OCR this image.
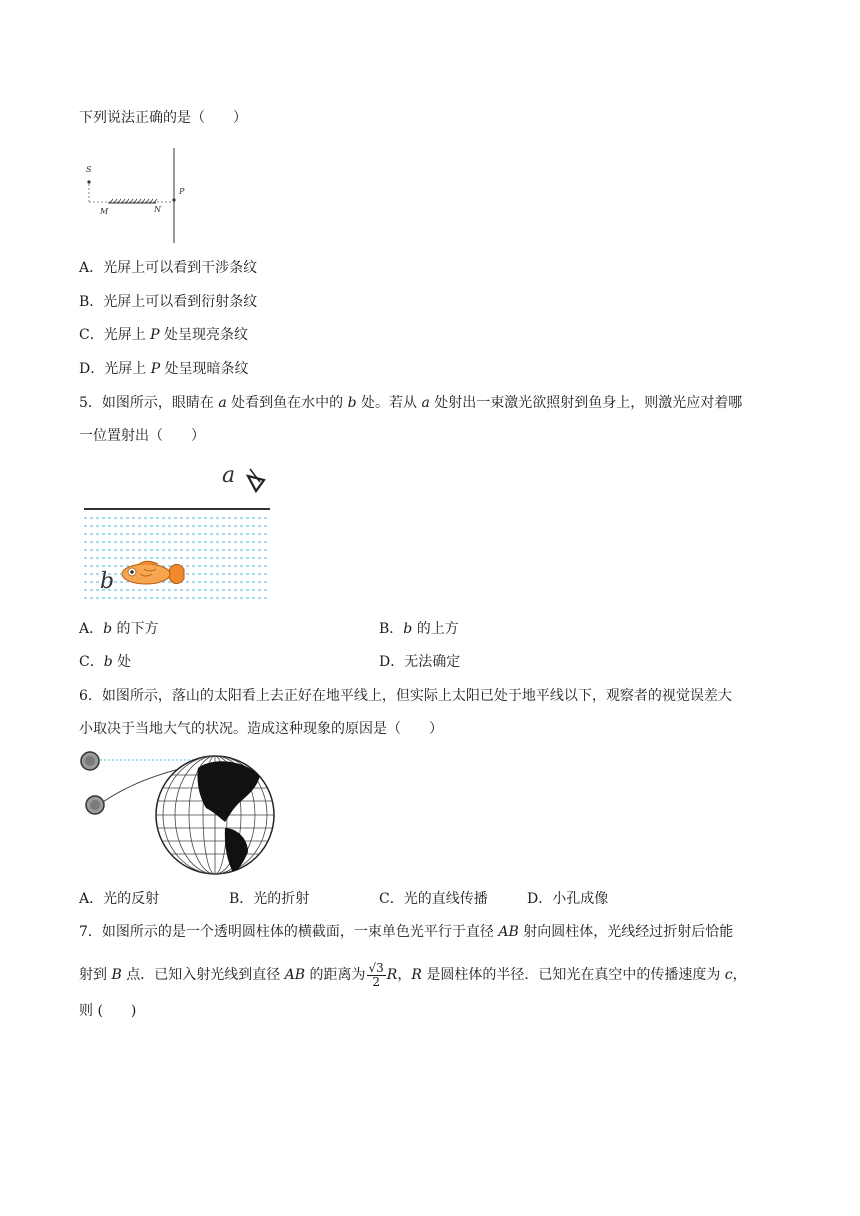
下列说法正确的是（　　）
S
M	N
P
A．光屏上可以看到干涉条纹
B．光屏上可以看到衍射条纹
C．光屏上 P 处呈现亮条纹
D．光屏上 P 处呈现暗条纹
5．如图所示，眼睛在 a 处看到鱼在水中的 b 处。若从 a 处射出一束激光欲照射到鱼身上，则激光应对着哪
一位置射出（　　）
a
b
A．b 的下方	B．b 的上方
C．b 处	D．无法确定
6．如图所示，落山的太阳看上去正好在地平线上，但实际上太阳已处于地平线以下，观察者的视觉误差大
小取决于当地大气的状况。造成这种现象的原因是（　　）
A．光的反射	B．光的折射	C．光的直线传播	D．小孔成像
7．如图所示的是一个透明圆柱体的横截面，一束单色光平行于直径 AB 射向圆柱体，光线经过折射后恰能
射到 B 点．已知入射光线到直径 AB 的距离为 $\frac{√3}{2}$ R，R 是圆柱体的半径．已知光在真空中的传播速度为 c，
则 (　　)
